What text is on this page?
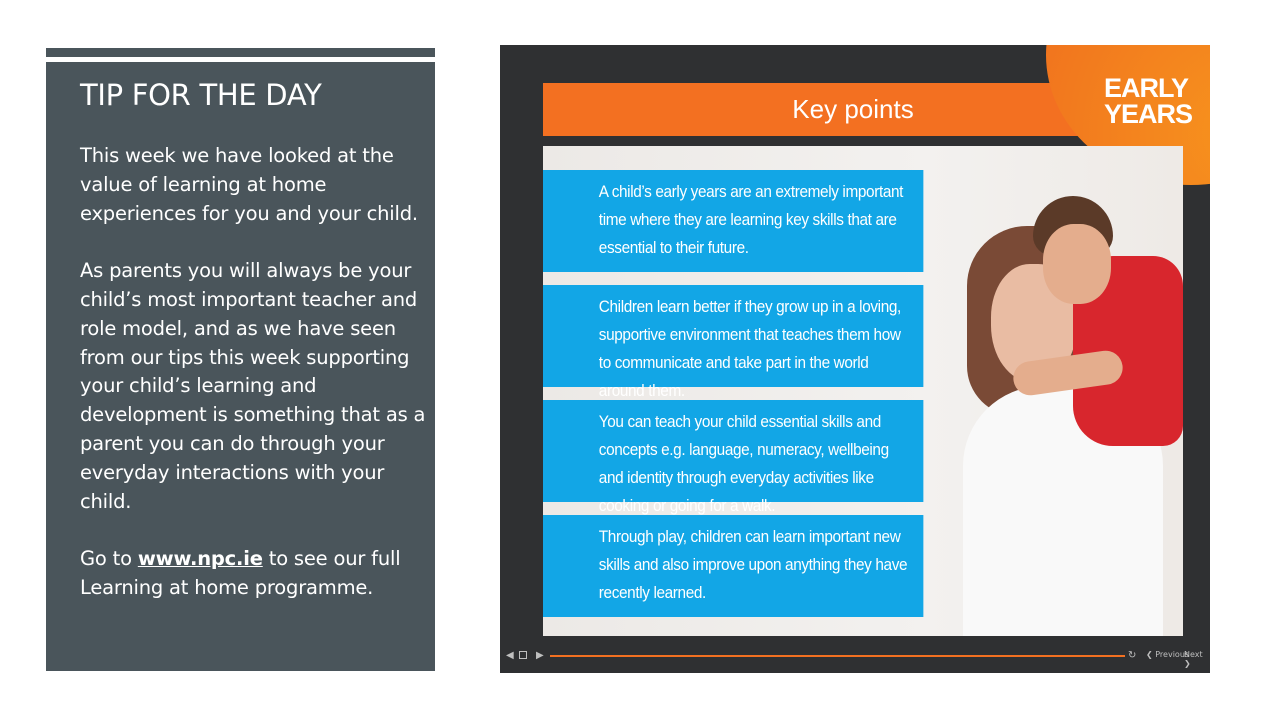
TIP FOR THE DAY

This week we have looked at the value of learning at home experiences for you and your child.

As parents you will always be your child’s most important teacher and role model, and as we have seen from our tips this week supporting your child’s learning and development is something that as a parent you can do through your everyday interactions with your child.

Go to www.npc.ie to see our full Learning at home programme.

Key points
EARLY YEARS
A child’s early years are an extremely important time where they are learning key skills that are essential to their future.
Children learn better if they grow up in a loving, supportive environment that teaches them how to communicate and take part in the world around them.
You can teach your child essential skills and concepts e.g. language, numeracy, wellbeing and identity through everyday activities like cooking or going for a walk.
Through play, children can learn important new skills and also improve upon anything they have recently learned.
◀ ▶	↻ ❮ Previous
Next ❯
